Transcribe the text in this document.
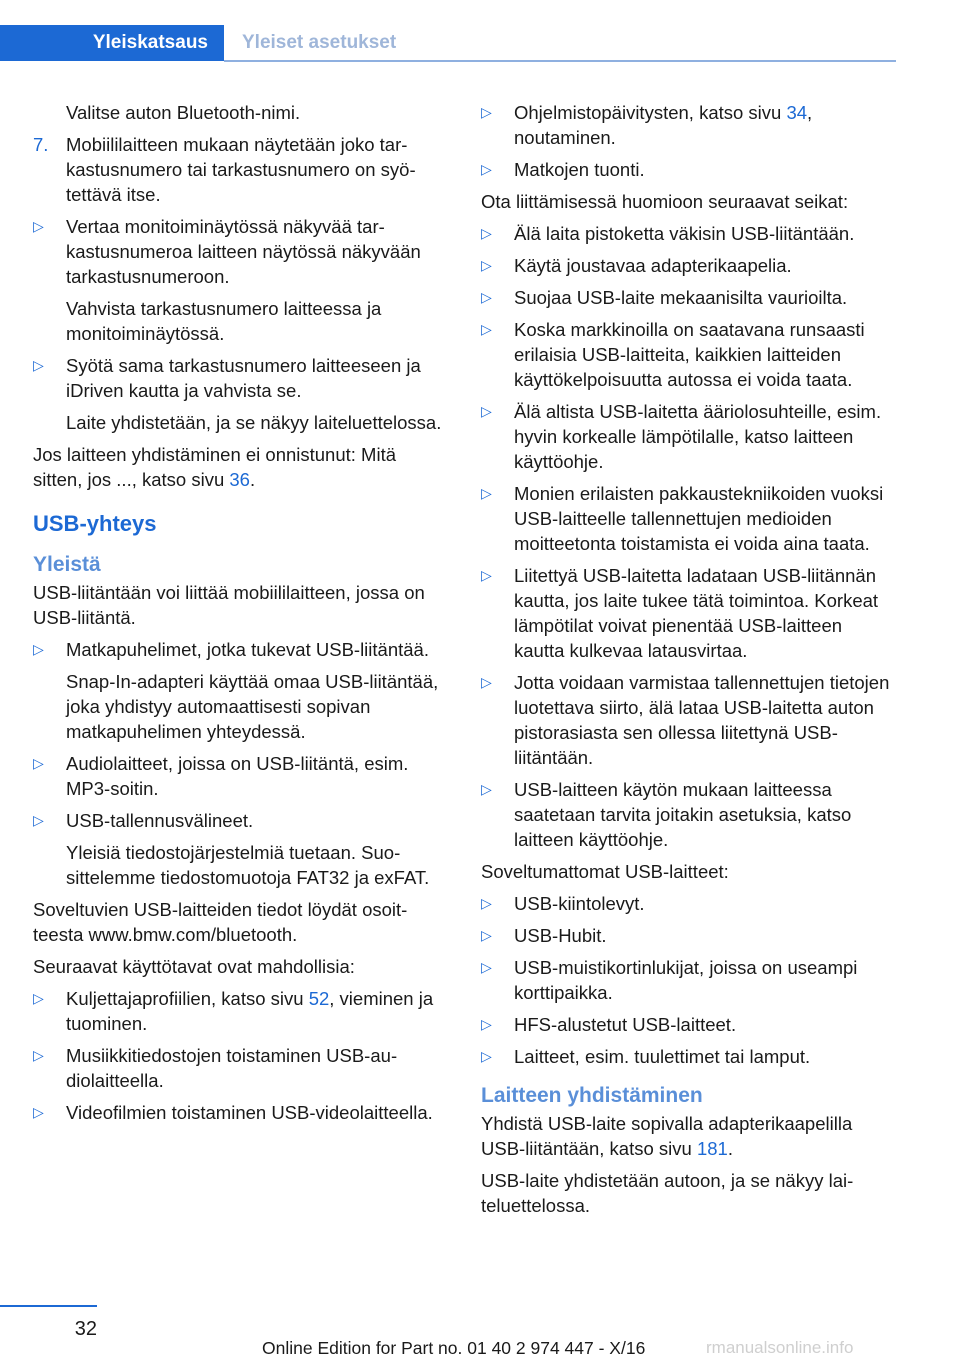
Yleiskatsaus Yleiset asetukset

Valitse auton Bluetooth-nimi.

7. Mobiililaitteen mukaan näytetään joko tarkastusnumero tai tarkastusnumero on syötettävä itse.
▷ Vertaa monitoiminäytössä näkyvää tarkastusnumeroa laitteen näytössä näkyvään tarkastusnumeroon.
Vahvista tarkastusnumero laitteessa ja monitoiminäytössä.
▷ Syötä sama tarkastusnumero laitteeseen ja iDriven kautta ja vahvista se.

Laite yhdistetään, ja se näkyy laiteluettelossa.

Jos laitteen yhdistäminen ei onnistunut: Mitä sitten, jos ..., katso sivu 36.

USB-yhteys
Yleistä

USB-liitäntään voi liittää mobiililaitteen, jossa on USB-liitäntä.

▷ Matkapuhelimet, jotka tukevat USB-liitäntää.
Snap-In-adapteri käyttää omaa USB-liitäntää, joka yhdistyy automaattisesti sopivan matkapuhelimen yhteydessä.
▷ Audiolaitteet, joissa on USB-liitäntä, esim. MP3-soitin.
▷ USB-tallennusvälineet.
Yleisiä tiedostojärjestelmiä tuetaan. Suosittelemme tiedostomuotoja FAT32 ja exFAT.

Soveltuvien USB-laitteiden tiedot löydät osoitteesta www.bmw.com/bluetooth.

Seuraavat käyttötavat ovat mahdollisia:

▷ Kuljettajaprofiilien, katso sivu 52, vieminen ja tuominen.
▷ Musiikkitiedostojen toistaminen USB-audiolaitteella.
▷ Videofilmien toistaminen USB-videolaitteella.
▷ Ohjelmistopäivitysten, katso sivu 34, noutaminen.
▷ Matkojen tuonti.

Ota liittämisessä huomioon seuraavat seikat:

▷ Älä laita pistoketta väkisin USB-liitäntään.
▷ Käytä joustavaa adapterikaapelia.
▷ Suojaa USB-laite mekaanisilta vaurioilta.
▷ Koska markkinoilla on saatavana runsaasti erilaisia USB-laitteita, kaikkien laitteiden käyttökelpoisuutta autossa ei voida taata.
▷ Älä altista USB-laitetta ääriolosuhteille, esim. hyvin korkealle lämpötilalle, katso laitteen käyttöohje.
▷ Monien erilaisten pakkaustekniikoiden vuoksi USB-laitteelle tallennettujen medioiden moitteetonta toistamista ei voida aina taata.
▷ Liitettyä USB-laitetta ladataan USB-liitännän kautta, jos laite tukee tätä toimintoa. Korkeat lämpötilat voivat pienentää USB-laitteen kautta kulkevaa latausvirtaa.
▷ Jotta voidaan varmistaa tallennettujen tietojen luotettava siirto, älä lataa USB-laitetta auton pistorasiasta sen ollessa liitettynä USB-liitäntään.
▷ USB-laitteen käytön mukaan laitteessa saatetaan tarvita joitakin asetuksia, katso laitteen käyttöohje.

Soveltumattomat USB-laitteet:

▷ USB-kiintolevyt.
▷ USB-Hubit.
▷ USB-muistikortinlukijat, joissa on useampi korttipaikka.
▷ HFS-alustetut USB-laitteet.
▷ Laitteet, esim. tuulettimet tai lamput.
Laitteen yhdistäminen

Yhdistä USB-laite sopivalla adapterikaapelilla USB-liitäntään, katso sivu 181.

USB-laite yhdistetään autoon, ja se näkyy laiteluettelossa.

32
Online Edition for Part no. 01 40 2 974 447 - X/16	rmanualsonline.info
